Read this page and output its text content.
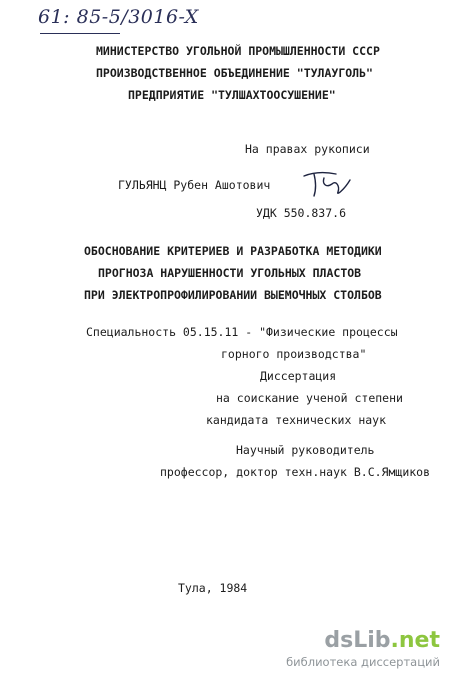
61: 85-5/3016-X
МИНИСТЕРСТВО УГОЛЬНОЙ ПРОМЫШЛЕННОСТИ СССР
ПРОИЗВОДСТВЕННОЕ ОБЪЕДИНЕНИЕ "ТУЛАУГОЛЬ"
ПРЕДПРИЯТИЕ "ТУЛШАХТООСУШЕНИЕ"
На правах рукописи
ГУЛЬЯНЦ Рубен Ашотович
УДК 550.837.6
ОБОСНОВАНИЕ КРИТЕРИЕВ И РАЗРАБОТКА МЕТОДИКИ
ПРОГНОЗА НАРУШЕННОСТИ УГОЛЬНЫХ ПЛАСТОВ
ПРИ ЭЛЕКТРОПРОФИЛИРОВАНИИ ВЫЕМОЧНЫХ СТОЛБОВ
Специальность 05.15.11 - "Физические процессы
горного производства"
Диссертация
на соискание ученой степени
кандидата технических наук
Научный руководитель
профессор, доктор техн.наук В.С.Ямщиков
Тула, 1984
dsLib.net
библиотека диссертаций
